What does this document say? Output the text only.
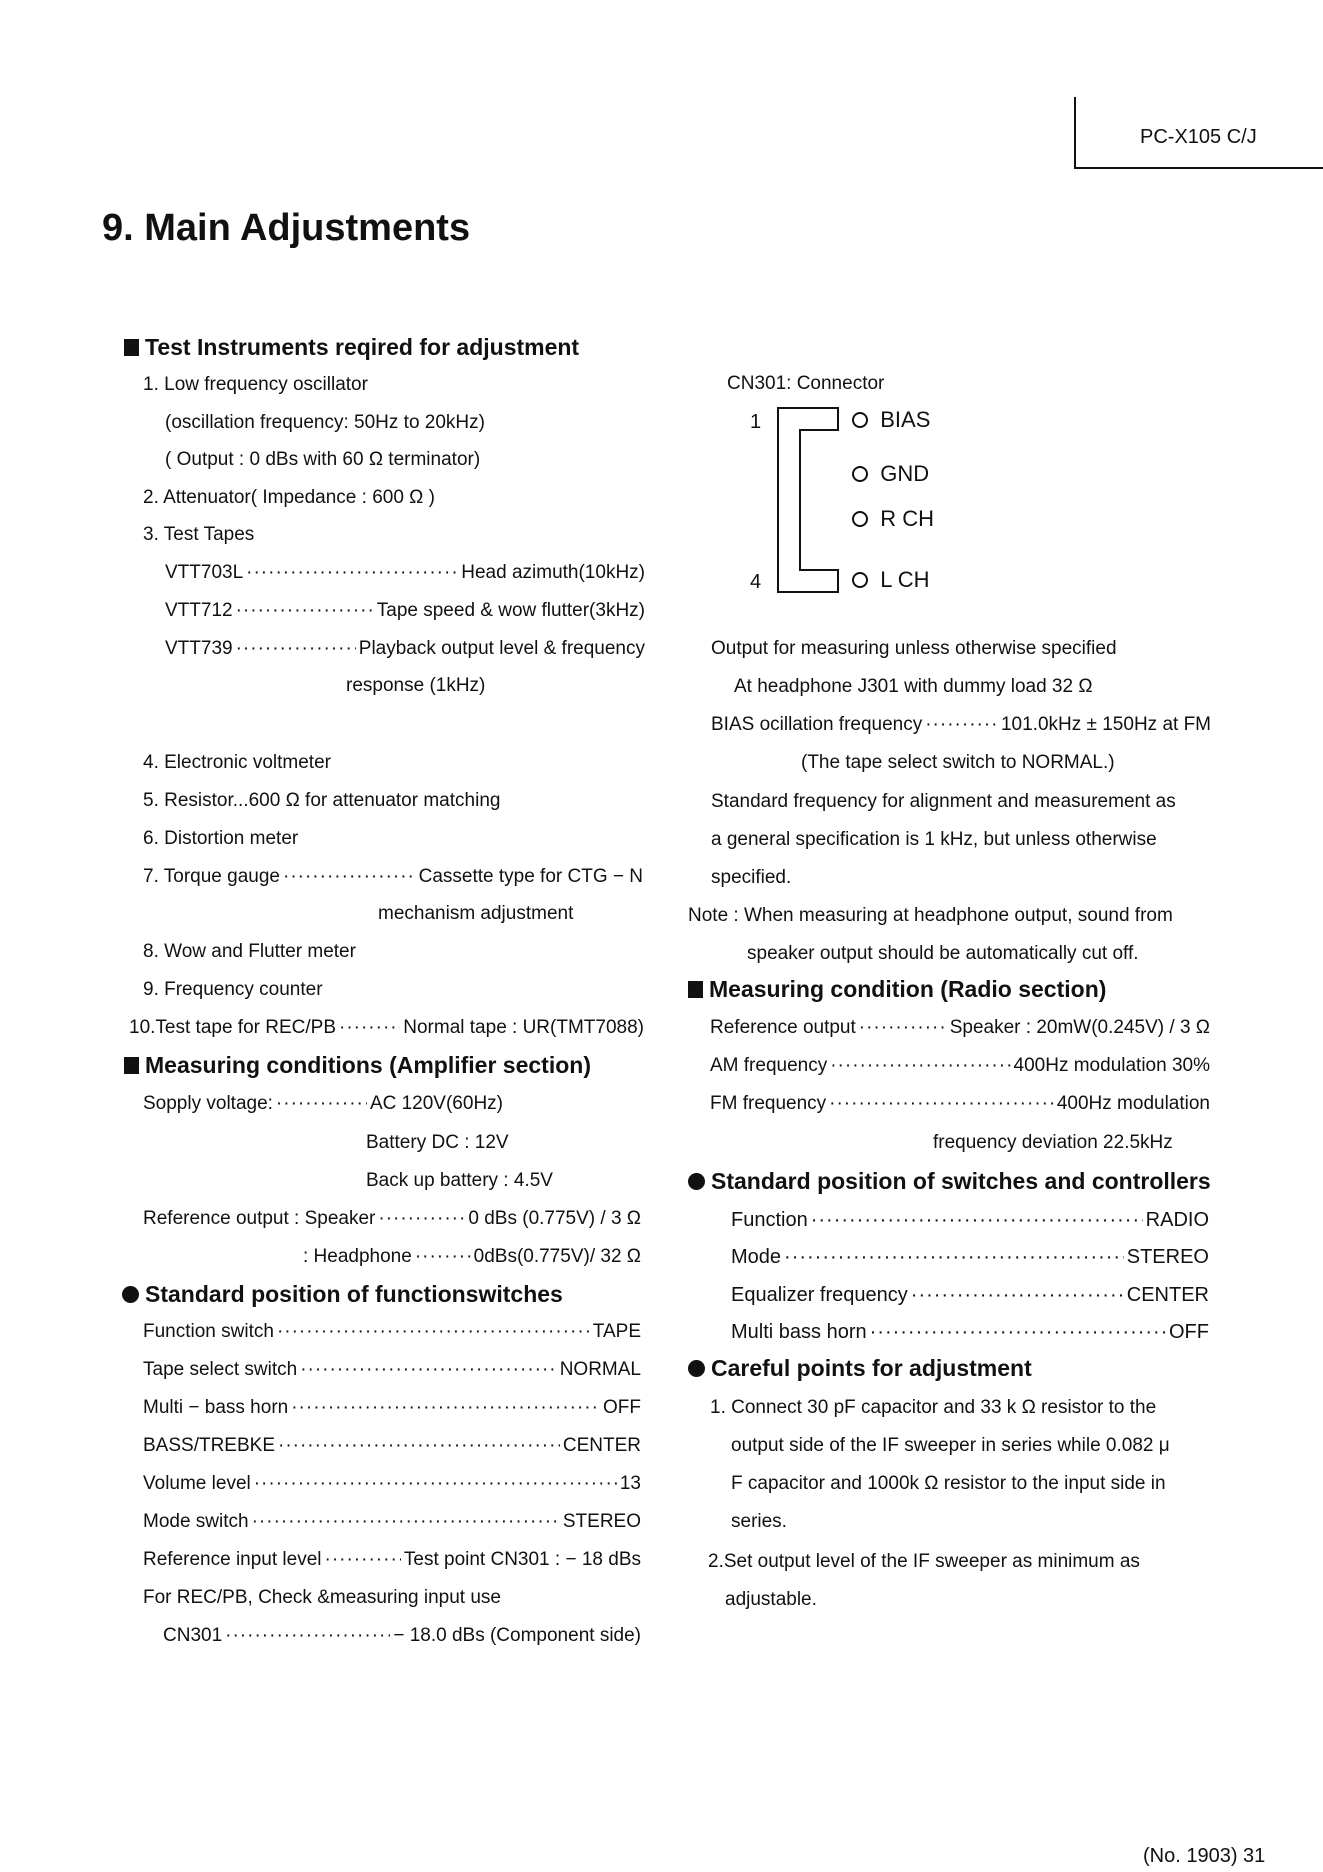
PC-X105 C/J
9. Main Adjustments
Test Instruments reqired for adjustment
1. Low frequency oscillator
(oscillation frequency: 50Hz to 20kHz)
( Output : 0 dBs with 60 Ω terminator)
2. Attenuator( Impedance : 600 Ω )
3. Test Tapes
VTT703L ·····	Head azimuth(10kHz)
VTT712 ·····	Tape speed & wow flutter(3kHz)
VTT739 ·····	Playback output level & frequency
response (1kHz)
4. Electronic voltmeter
5. Resistor...600 Ω for attenuator matching
6. Distortion meter
7. Torque gauge ·····	Cassette type for CTG − N
mechanism adjustment
8. Wow and Flutter meter
9. Frequency counter
10.Test tape for REC/PB ·····	Normal tape : UR(TMT7088)
Measuring conditions (Amplifier section)
Sopply voltage: ·····	AC 120V(60Hz)
Battery DC : 12V
Back up battery : 4.5V
Reference output : Speaker ·····	0 dBs (0.775V) / 3 Ω
: Headphone ·····	0dBs(0.775V)/ 32 Ω
Standard position of functionswitches
Function switch ·····	TAPE
Tape select switch ·····	NORMAL
Multi − bass horn ·····	OFF
BASS/TREBKE ·····	CENTER
Volume level ·····	13
Mode switch ·····	STEREO
Reference input level ·····	Test point CN301 : − 18 dBs
For REC/PB, Check &measuring input use
CN301 ·····	− 18.0 dBs (Component side)
CN301: Connector
1
4
BIAS
GND
R CH
L CH
Output for measuring unless otherwise specified
At headphone J301 with dummy load 32 Ω
BIAS ocillation frequency ·····	101.0kHz ± 150Hz at FM
(The tape select switch to NORMAL.)
Standard frequency for alignment and measurement as
a general specification is 1 kHz, but unless otherwise
specified.
Note : When measuring at headphone output, sound from
speaker output should be automatically cut off.
Measuring condition (Radio section)
Reference output ·····	Speaker : 20mW(0.245V) / 3 Ω
AM frequency ·····	400Hz modulation 30%
FM frequency ·····	400Hz modulation
frequency deviation 22.5kHz
Standard position of switches and controllers
Function ·····	RADIO
Mode ·····	STEREO
Equalizer frequency ·····	CENTER
Multi bass horn ·····	OFF
Careful points for adjustment
1. Connect 30 pF capacitor and 33 k Ω resistor to the
output side of the IF sweeper in series while 0.082 μ
F capacitor and 1000k Ω resistor to the input side in
series.
2.Set output level of the IF sweeper as minimum as
adjustable.
(No. 1903) 31
